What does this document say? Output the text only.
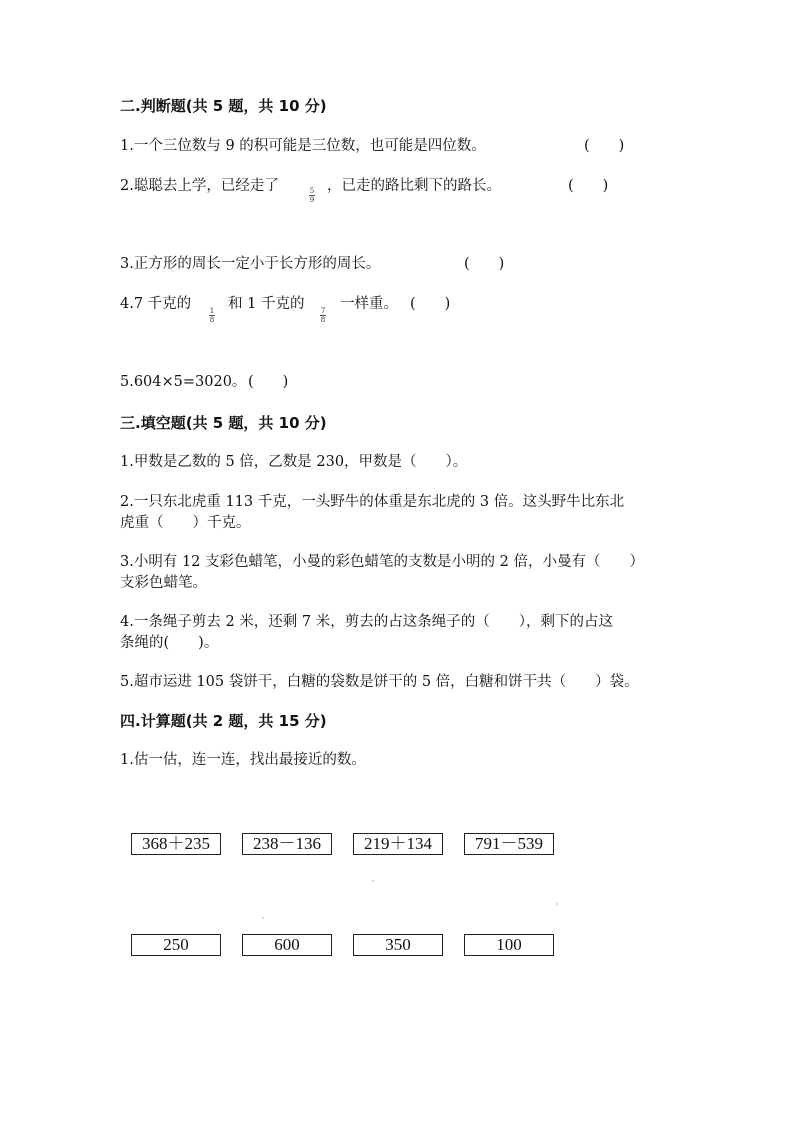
二.判断题(共 5 题，共 10 分)
1.一个三位数与 9 的积可能是三位数，也可能是四位数。	(　　)
2.聪聪去上学，已经走了	5
9
，已走的路比剩下的路长。	(　　)
3.正方形的周长一定小于长方形的周长。	(　　)
4.7 千克的	1
8
和 1 千克的	7
8
一样重。 (　　)
5.604×5=3020。 (　　)
三.填空题(共 5 题，共 10 分)
1.甲数是乙数的 5 倍，乙数是 230，甲数是（　　）。
2.一只东北虎重 113 千克，一头野牛的体重是东北虎的 3 倍。这头野牛比东北
虎重（　　）千克。
3.小明有 12 支彩色蜡笔，小曼的彩色蜡笔的支数是小明的 2 倍，小曼有（　　）
支彩色蜡笔。
4.一条绳子剪去 2 米，还剩 7 米，剪去的占这条绳子的（　　），剩下的占这
条绳的(　　)。
5.超市运进 105 袋饼干，白糖的袋数是饼干的 5 倍，白糖和饼干共（　　）袋。
四.计算题(共 2 题，共 15 分)
1.估一估，连一连，找出最接近的数。
368＋235	238－136	219＋134	791－539
250	600	350	100
